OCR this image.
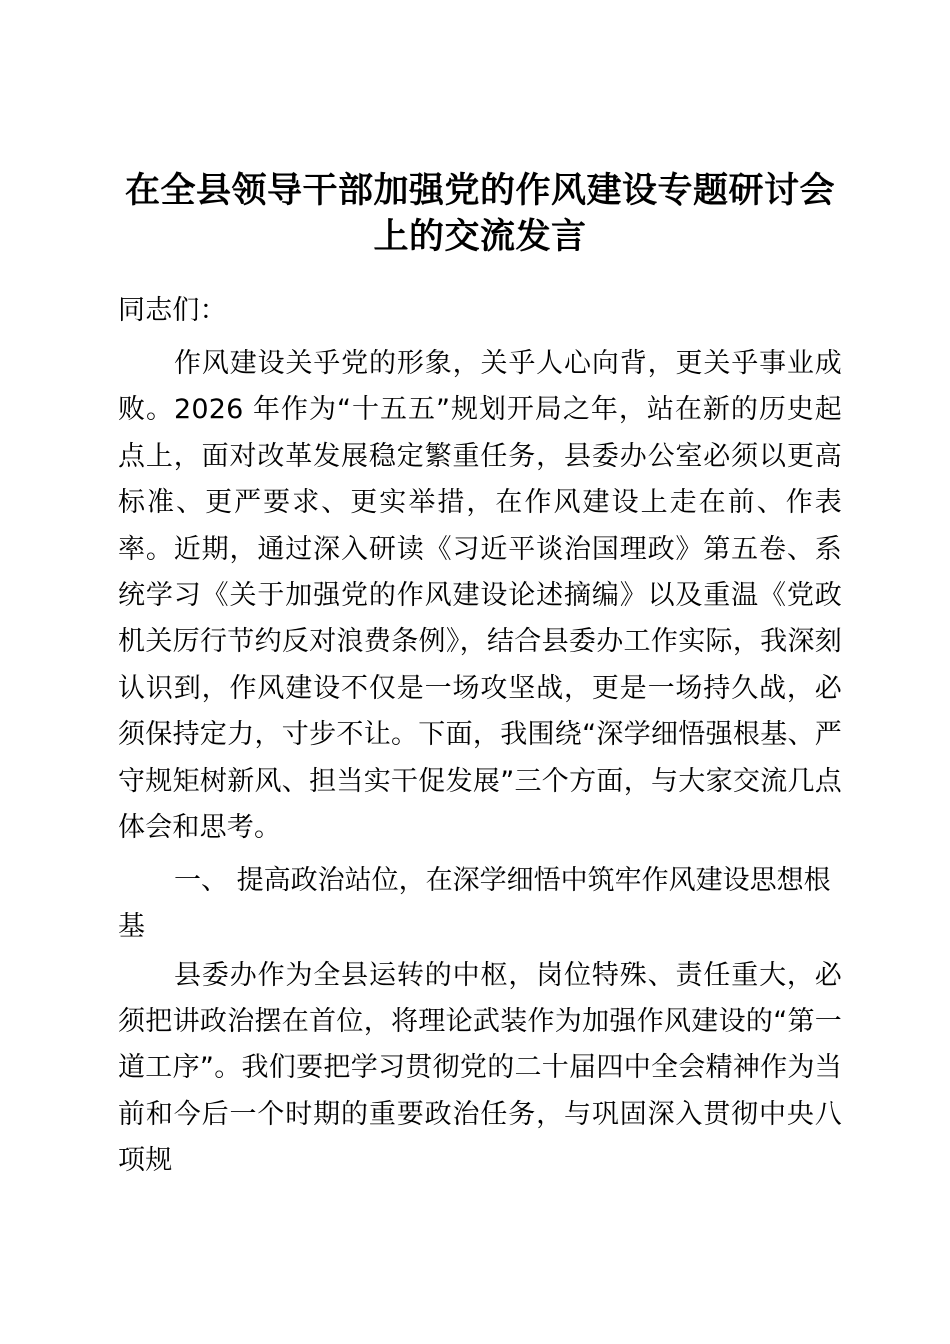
在全县领导干部加强党的作风建设专题研讨会上的交流发言

同志们：

作风建设关乎党的形象，关乎人心向背，更关乎事业成败。2026 年作为“十五五”规划开局之年，站在新的历史起点上，面对改革发展稳定繁重任务，县委办公室必须以更高标准、更严要求、更实举措，在作风建设上走在前、作表率。近期，通过深入研读《习近平谈治国理政》第五卷、系统学习《关于加强党的作风建设论述摘编》以及重温《党政机关厉行节约反对浪费条例》，结合县委办工作实际，我深刻认识到，作风建设不仅是一场攻坚战，更是一场持久战，必须保持定力，寸步不让。下面，我围绕“深学细悟强根基、严守规矩树新风、担当实干促发展”三个方面，与大家交流几点体会和思考。

一、 提高政治站位，在深学细悟中筑牢作风建设思想根基

县委办作为全县运转的中枢，岗位特殊、责任重大，必须把讲政治摆在首位，将理论武装作为加强作风建设的“第一道工序”。我们要把学习贯彻党的二十届四中全会精神作为当前和今后一个时期的重要政治任务，与巩固深入贯彻中央八项规
